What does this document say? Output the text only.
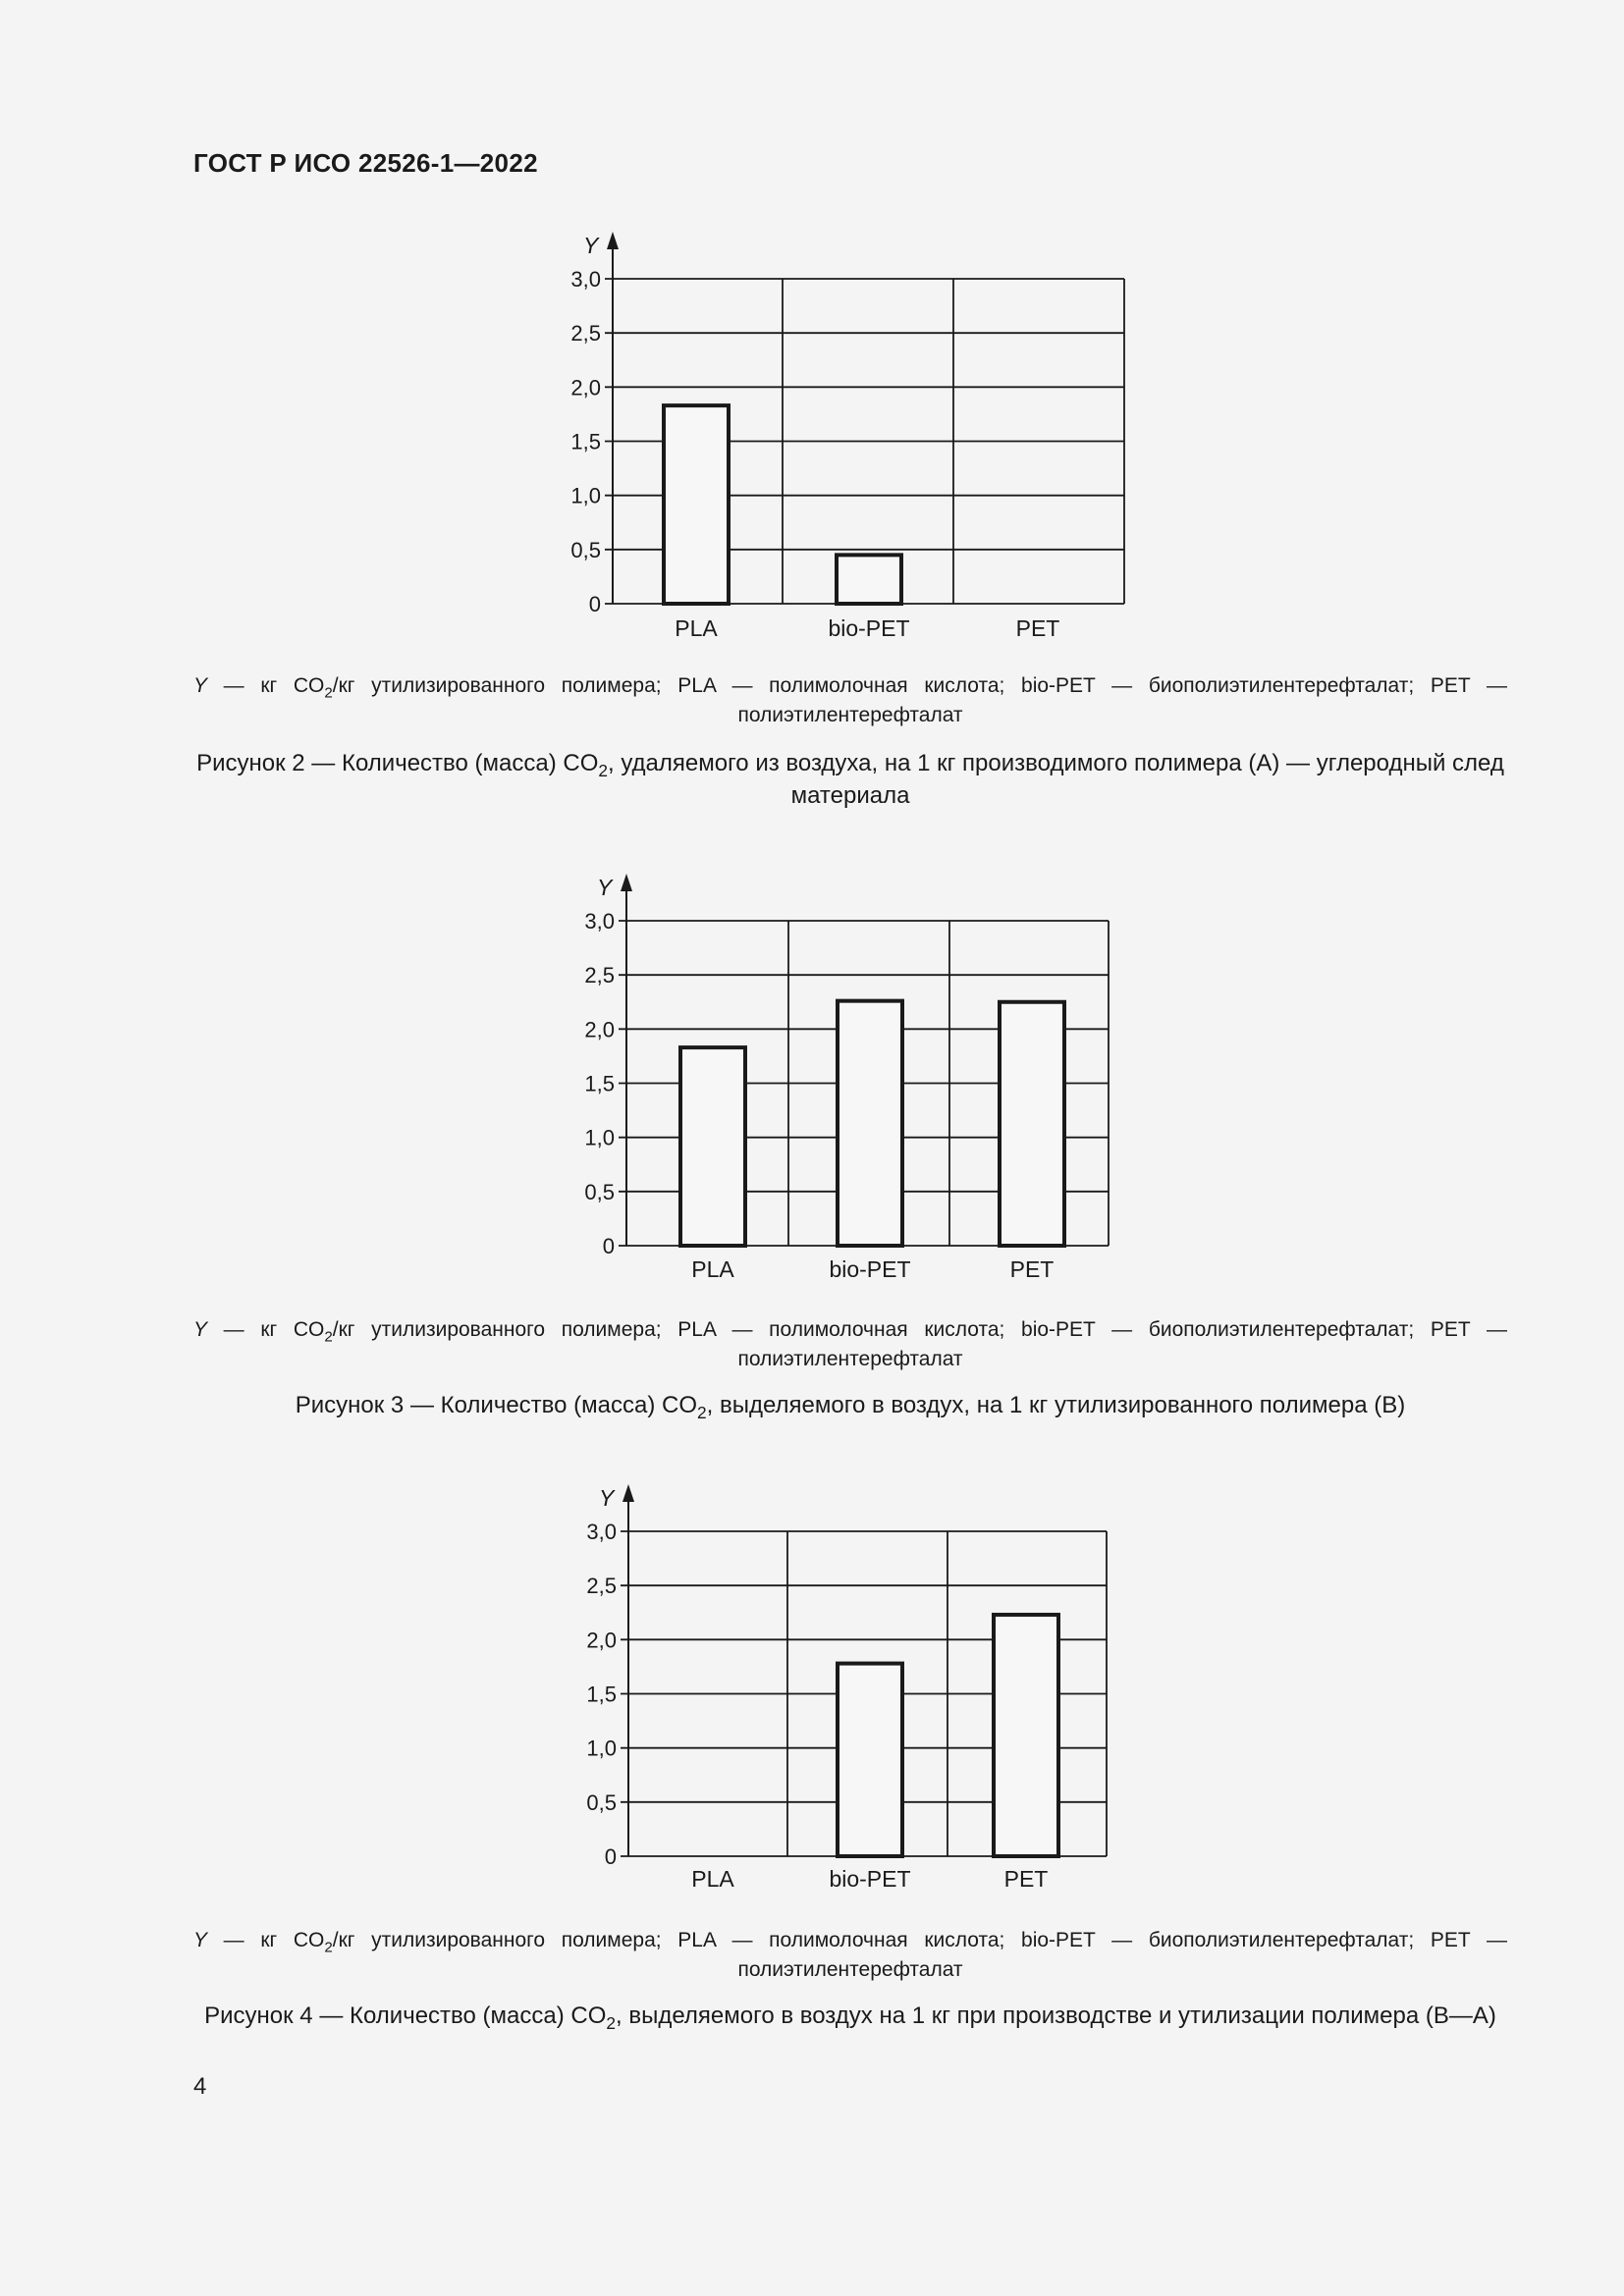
ГОСТ Р ИСО 22526-1—2022
Y
0
0,5
1,0
1,5
2,0
2,5
3,0
PLA	bio-PET	PET
Y — кг $CO_2/кг$ утилизированного полимера; PLA — полимолочная кислота; bio-PET — биополиэтилентерефталат; PET — полиэтилентерефталат
Рисунок 2 — Количество (масса) $CO_2$, удаляемого из воздуха, на 1 кг производимого полимера (A) — углеродный след материала
Y
0
0,5
1,0
1,5
2,0
2,5
3,0
PLA	bio-PET	PET
Y — кг $CO_2/кг$ утилизированного полимера; PLA — полимолочная кислота; bio-PET — биополиэтилентерефталат; PET — полиэтилентерефталат
Рисунок 3 — Количество (масса) $CO_2$, выделяемого в воздух, на 1 кг утилизированного полимера (B)
Y
0
0,5
1,0
1,5
2,0
2,5
3,0
PLA	bio-PET	PET
Y — кг $CO_2/кг$ утилизированного полимера; PLA — полимолочная кислота; bio-PET — биополиэтилентерефталат; PET — полиэтилентерефталат
Рисунок 4 — Количество (масса) $CO_2$, выделяемого в воздух на 1 кг при производстве и утилизации полимера (B—A)
4
